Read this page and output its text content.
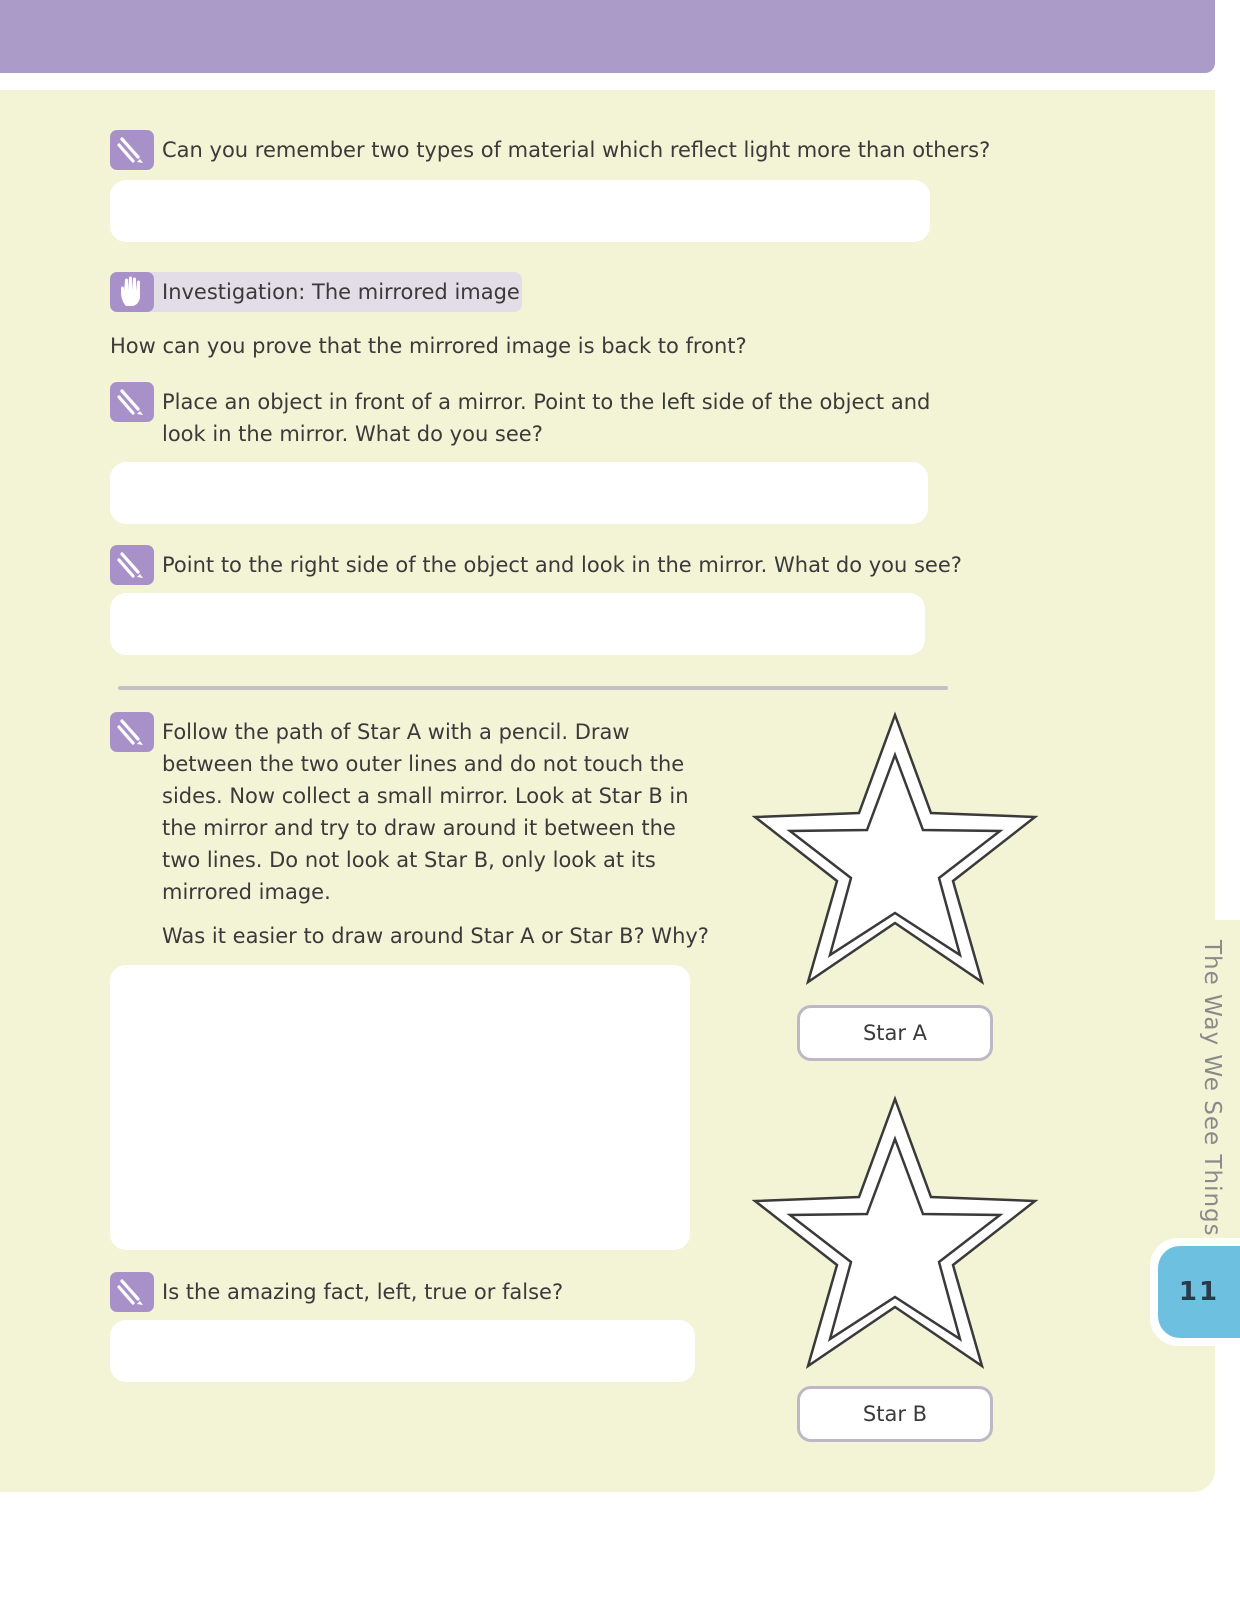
Can you remember two types of material which reflect light more than others?
Investigation: The mirrored image
How can you prove that the mirrored image is back to front?
Place an object in front of a mirror. Point to the left side of the object and
look in the mirror. What do you see?
Point to the right side of the object and look in the mirror. What do you see?
Follow the path of Star A with a pencil. Draw
between the two outer lines and do not touch the
sides. Now collect a small mirror. Look at Star B in
the mirror and try to draw around it between the
two lines. Do not look at Star B, only look at its
mirrored image.
Was it easier to draw around Star A or Star B? Why?
Is the amazing fact, left, true or false?
Star A
Star B
The Way We See Things
11
